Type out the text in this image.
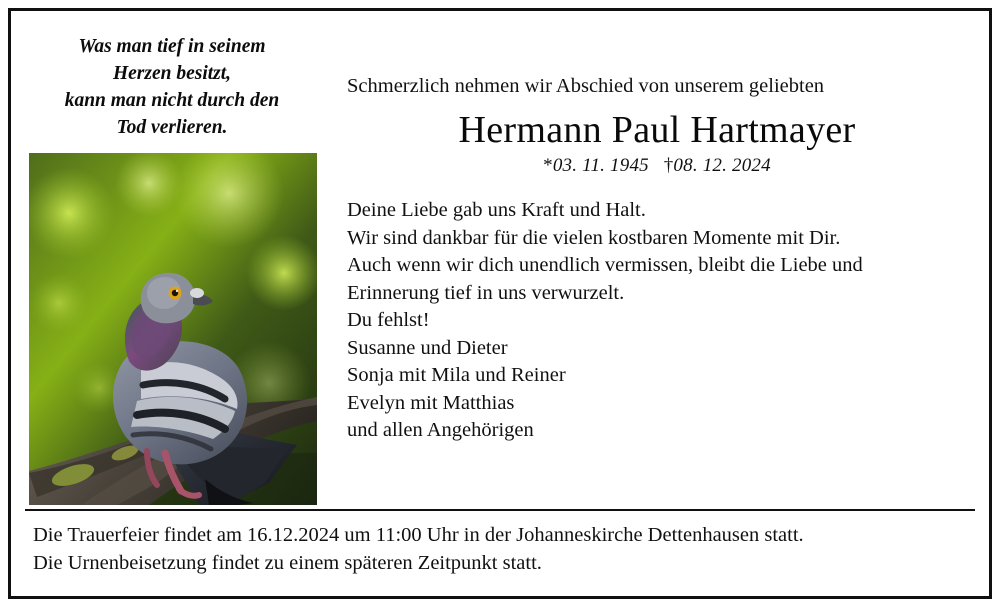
Was man tief in seinem
Herzen besitzt,
kann man nicht durch den
Tod verlieren.

Schmerzlich nehmen wir Abschied von unserem geliebten

Hermann Paul Hartmayer
*03. 11. 1945 †08. 12. 2024
Deine Liebe gab uns Kraft und Halt.
Wir sind dankbar für die vielen kostbaren Momente mit Dir.
Auch wenn wir dich unendlich vermissen, bleibt die Liebe und
Erinnerung tief in uns verwurzelt.
Du fehlst!
Susanne und Dieter
Sonja mit Mila und Reiner
Evelyn mit Matthias
und allen Angehörigen
Die Trauerfeier findet am 16.12.2024 um 11:00 Uhr in der Johanneskirche Dettenhausen statt.
Die Urnenbeisetzung findet zu einem späteren Zeitpunkt statt.
